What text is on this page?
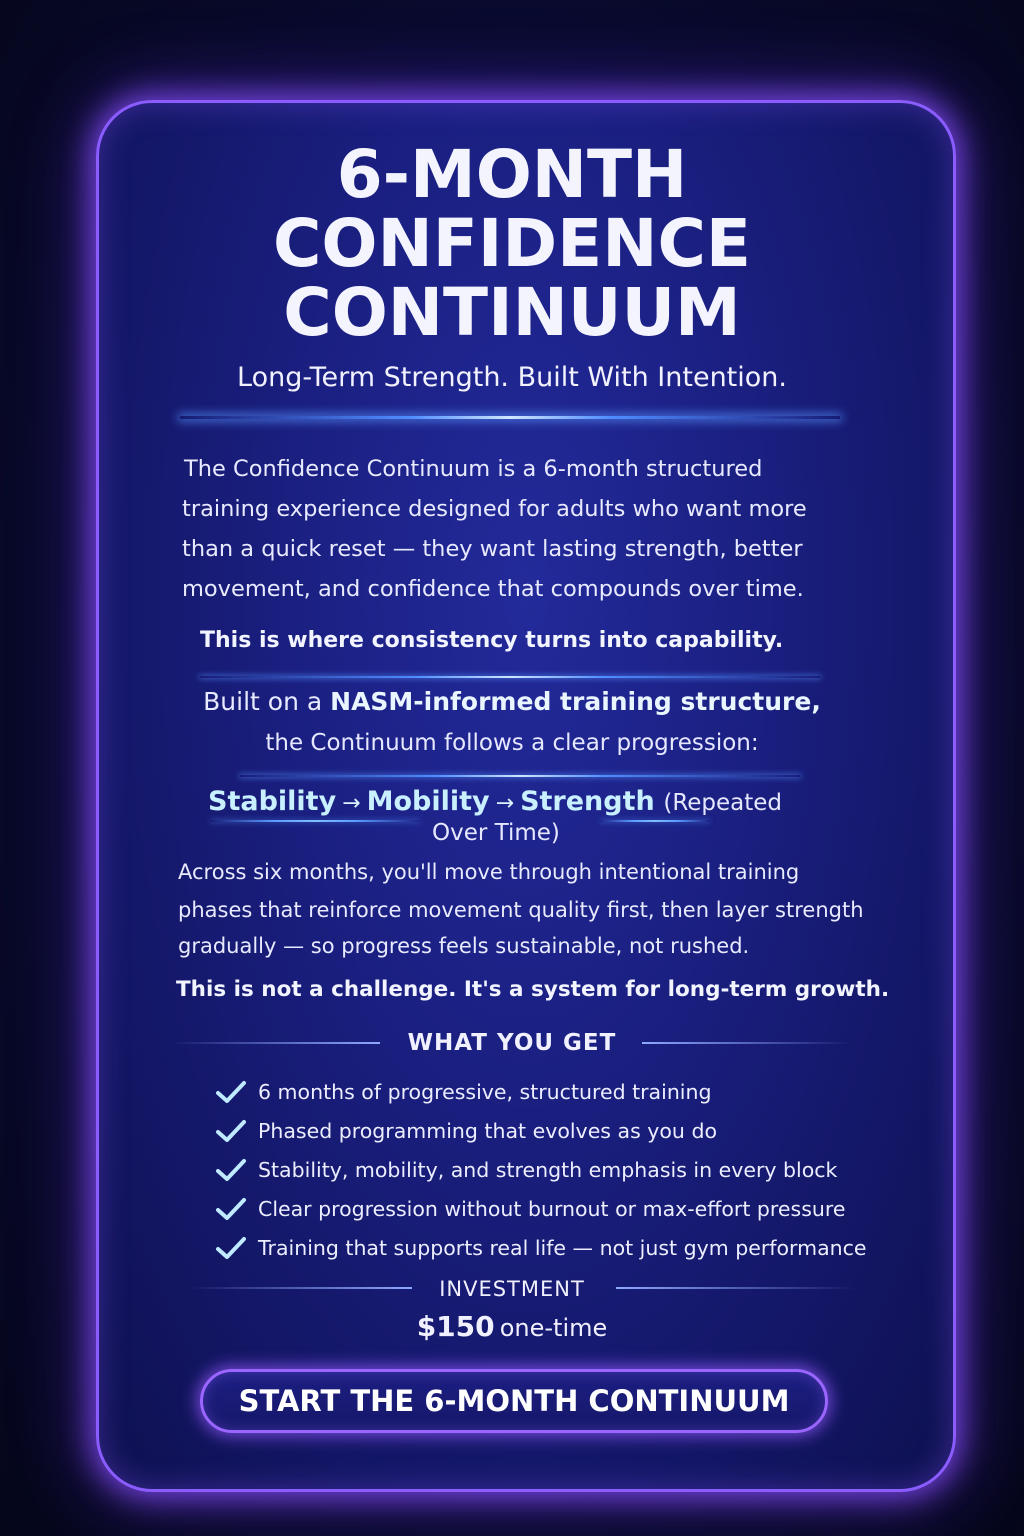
6-MONTH
CONFIDENCE
CONTINUUM
Long-Term Strength. Built With Intention.
The Confidence Continuum is a 6-month structured
training experience designed for adults who want more
than a quick reset — they want lasting strength, better
movement, and confidence that compounds over time.
This is where consistency turns into capability.
Built on a NASM-informed training structure,
the Continuum follows a clear progression:
Stability → Mobility → Strength (Repeated
Over Time)
Across six months, you'll move through intentional training
phases that reinforce movement quality first, then layer strength
gradually — so progress feels sustainable, not rushed.
This is not a challenge. It's a system for long-term growth.
WHAT YOU GET
6 months of progressive, structured training
Phased programming that evolves as you do
Stability, mobility, and strength emphasis in every block
Clear progression without burnout or max-effort pressure
Training that supports real life — not just gym performance
INVESTMENT
$150 one-time
START THE 6-MONTH CONTINUUM
